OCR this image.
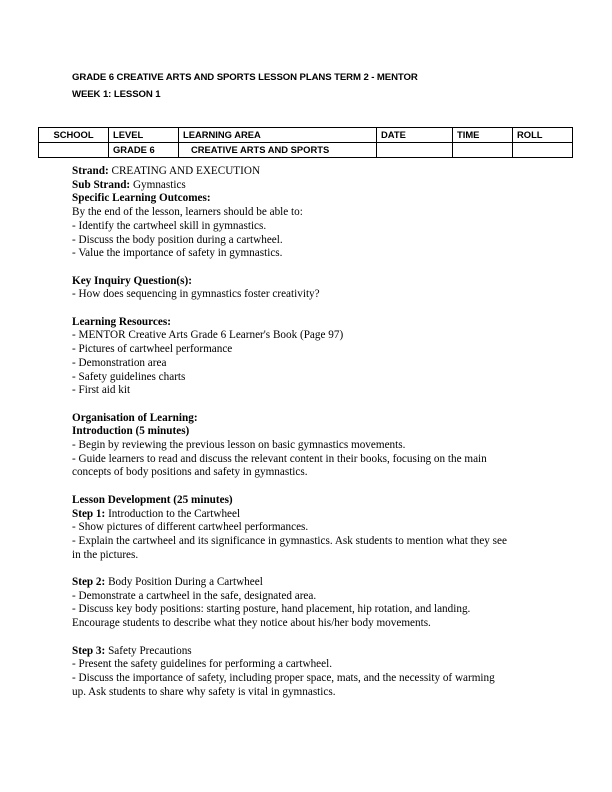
GRADE 6 CREATIVE ARTS AND SPORTS LESSON PLANS TERM 2 - MENTOR
WEEK 1: LESSON 1
SCHOOL	LEVEL	LEARNING AREA	DATE	TIME	ROLL
	GRADE 6	CREATIVE ARTS AND SPORTS			
Strand: CREATING AND EXECUTION
Sub Strand: Gymnastics
Specific Learning Outcomes:
By the end of the lesson, learners should be able to:
- Identify the cartwheel skill in gymnastics.
- Discuss the body position during a cartwheel.
- Value the importance of safety in gymnastics.
Key Inquiry Question(s):
- How does sequencing in gymnastics foster creativity?
Learning Resources:
- MENTOR Creative Arts Grade 6 Learner's Book (Page 97)
- Pictures of cartwheel performance
- Demonstration area
- Safety guidelines charts
- First aid kit
Organisation of Learning:
Introduction (5 minutes)
- Begin by reviewing the previous lesson on basic gymnastics movements.
- Guide learners to read and discuss the relevant content in their books, focusing on the main
concepts of body positions and safety in gymnastics.
Lesson Development (25 minutes)
Step 1: Introduction to the Cartwheel
- Show pictures of different cartwheel performances.
- Explain the cartwheel and its significance in gymnastics. Ask students to mention what they see
in the pictures.
Step 2: Body Position During a Cartwheel
- Demonstrate a cartwheel in the safe, designated area.
- Discuss key body positions: starting posture, hand placement, hip rotation, and landing.
Encourage students to describe what they notice about his/her body movements.
Step 3: Safety Precautions
- Present the safety guidelines for performing a cartwheel.
- Discuss the importance of safety, including proper space, mats, and the necessity of warming
up. Ask students to share why safety is vital in gymnastics.
